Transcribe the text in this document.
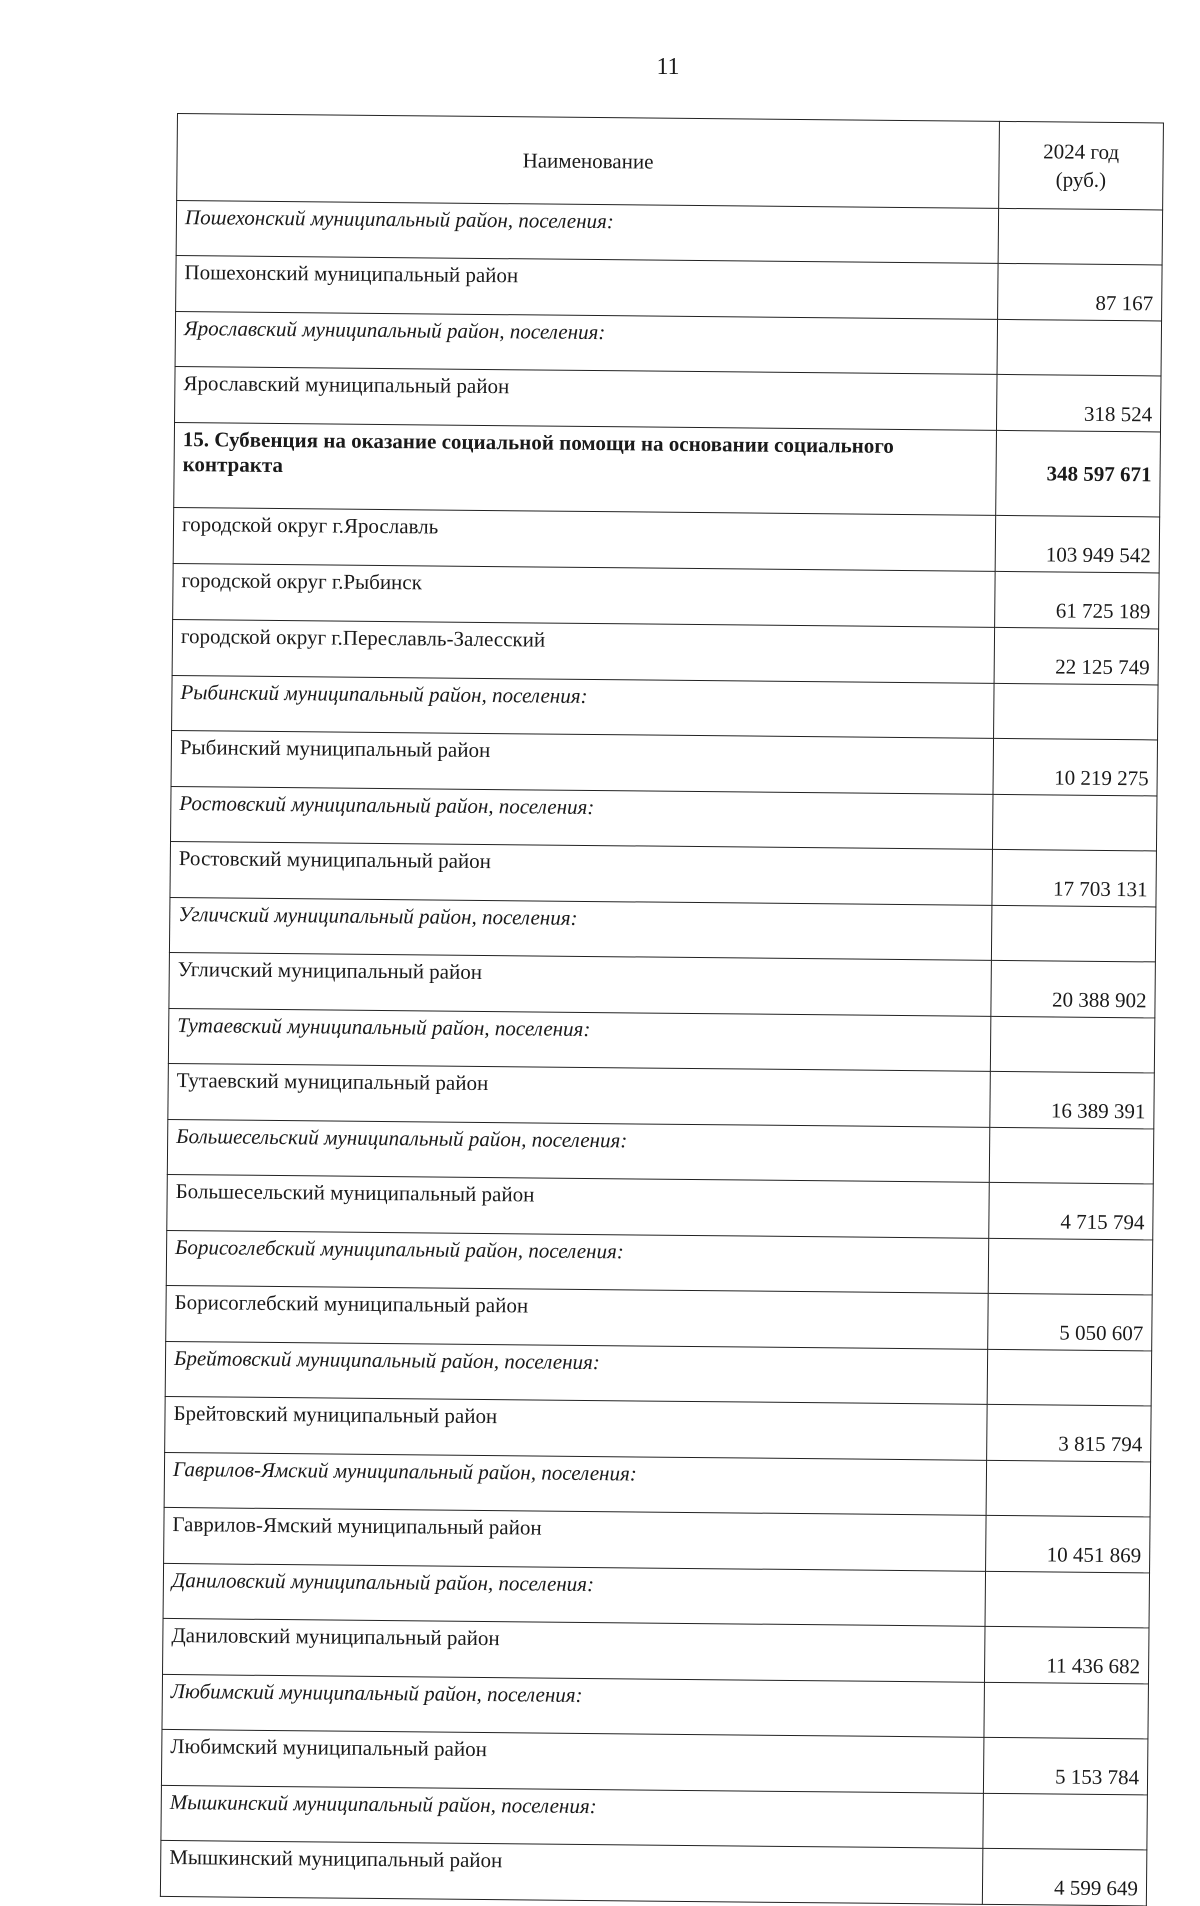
11
Наименование	2024 год
(руб.)
Пошехонский муниципальный район, поселения:	
Пошехонский муниципальный район	87 167
Ярославский муниципальный район, поселения:	
Ярославский муниципальный район	318 524
15. Субвенция на оказание социальной помощи на основании социального контракта	348 597 671
городской округ г.Ярославль	103 949 542
городской округ г.Рыбинск	61 725 189
городской округ г.Переславль-Залесский	22 125 749
Рыбинский муниципальный район, поселения:	
Рыбинский муниципальный район	10 219 275
Ростовский муниципальный район, поселения:	
Ростовский муниципальный район	17 703 131
Угличский муниципальный район, поселения:	
Угличский муниципальный район	20 388 902
Тутаевский муниципальный район, поселения:	
Тутаевский муниципальный район	16 389 391
Большесельский муниципальный район, поселения:	
Большесельский муниципальный район	4 715 794
Борисоглебский муниципальный район, поселения:	
Борисоглебский муниципальный район	5 050 607
Брейтовский муниципальный район, поселения:	
Брейтовский муниципальный район	3 815 794
Гаврилов-Ямский муниципальный район, поселения:	
Гаврилов-Ямский муниципальный район	10 451 869
Даниловский муниципальный район, поселения:	
Даниловский муниципальный район	11 436 682
Любимский муниципальный район, поселения:	
Любимский муниципальный район	5 153 784
Мышкинский муниципальный район, поселения:	
Мышкинский муниципальный район	4 599 649
